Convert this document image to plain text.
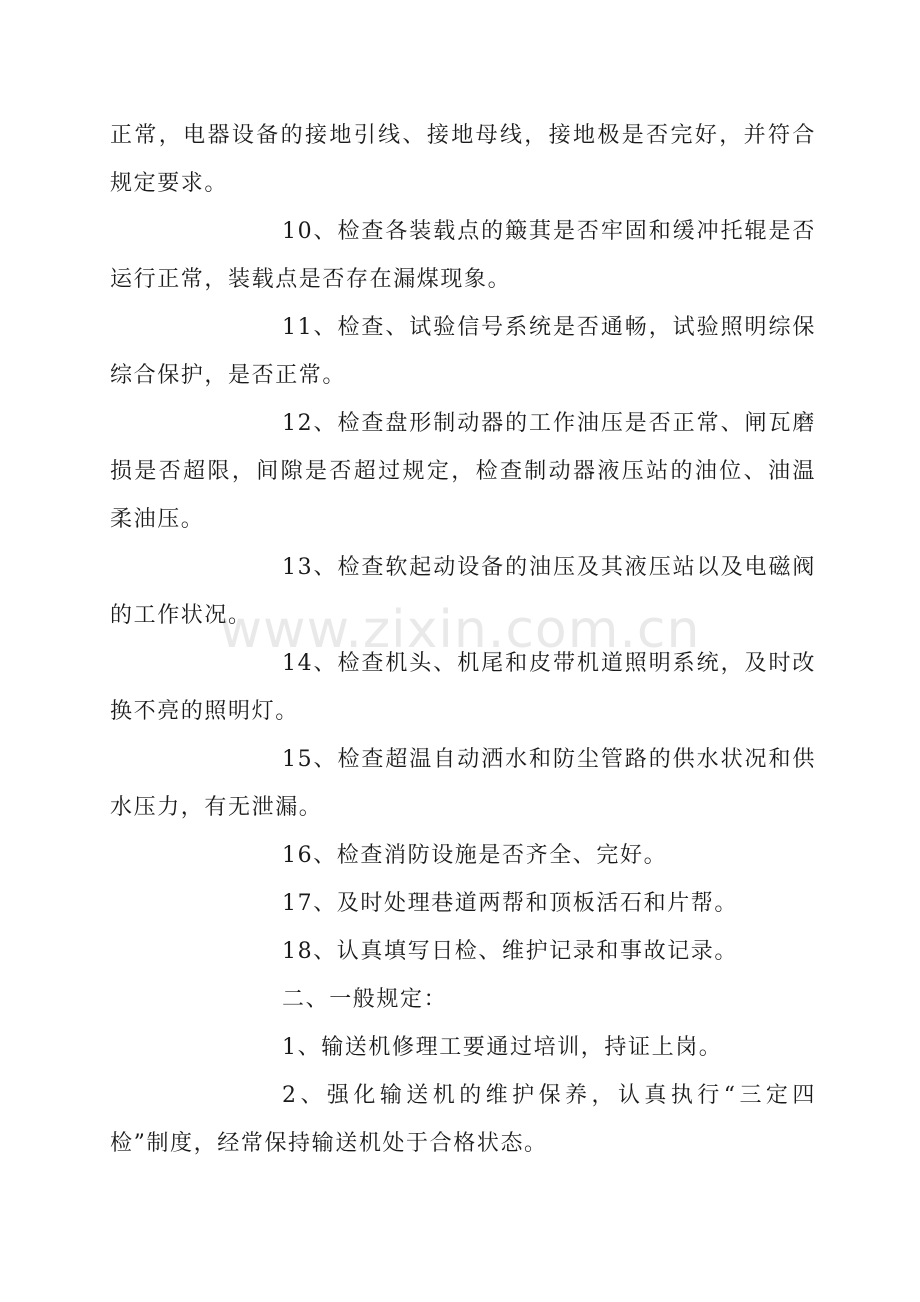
正常，电器设备的接地引线、接地母线，接地极是否完好，并符合规定要求。

10、检查各装载点的簸萁是否牢固和缓冲托辊是否运行正常，装载点是否存在漏煤现象。

11、检查、试验信号系统是否通畅，试验照明综保综合保护，是否正常。

12、检查盘形制动器的工作油压是否正常、闸瓦磨损是否超限，间隙是否超过规定，检查制动器液压站的油位、油温柔油压。

13、检查软起动设备的油压及其液压站以及电磁阀的工作状况。

14、检查机头、机尾和皮带机道照明系统，及时改换不亮的照明灯。

15、检查超温自动洒水和防尘管路的供水状况和供水压力，有无泄漏。

16、检查消防设施是否齐全、完好。

17、及时处理巷道两帮和顶板活石和片帮。

18、认真填写日检、维护记录和事故记录。

二、一般规定：

1、输送机修理工要通过培训，持证上岗。

2、强化输送机的维护保养，认真执行“三定四检”制度，经常保持输送机处于合格状态。

www.zixin.com.cn
